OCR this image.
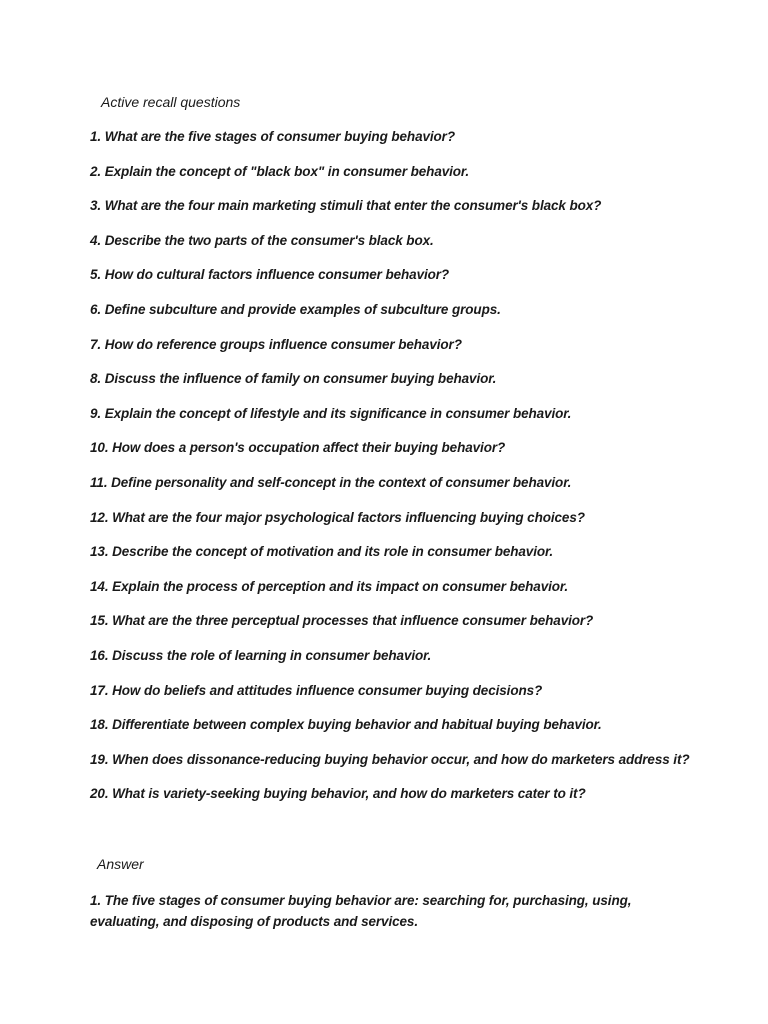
Active recall questions

1. What are the five stages of consumer buying behavior?
2. Explain the concept of "black box" in consumer behavior.
3. What are the four main marketing stimuli that enter the consumer's black box?
4. Describe the two parts of the consumer's black box.
5. How do cultural factors influence consumer behavior?
6. Define subculture and provide examples of subculture groups.
7. How do reference groups influence consumer behavior?
8. Discuss the influence of family on consumer buying behavior.
9. Explain the concept of lifestyle and its significance in consumer behavior.
10. How does a person's occupation affect their buying behavior?
11. Define personality and self-concept in the context of consumer behavior.
12. What are the four major psychological factors influencing buying choices?
13. Describe the concept of motivation and its role in consumer behavior.
14. Explain the process of perception and its impact on consumer behavior.
15. What are the three perceptual processes that influence consumer behavior?
16. Discuss the role of learning in consumer behavior.
17. How do beliefs and attitudes influence consumer buying decisions?
18. Differentiate between complex buying behavior and habitual buying behavior.
19. When does dissonance-reducing buying behavior occur, and how do marketers address it?
20. What is variety-seeking buying behavior, and how do marketers cater to it?

Answer

1. The five stages of consumer buying behavior are: searching for, purchasing, using, evaluating, and disposing of products and services.
